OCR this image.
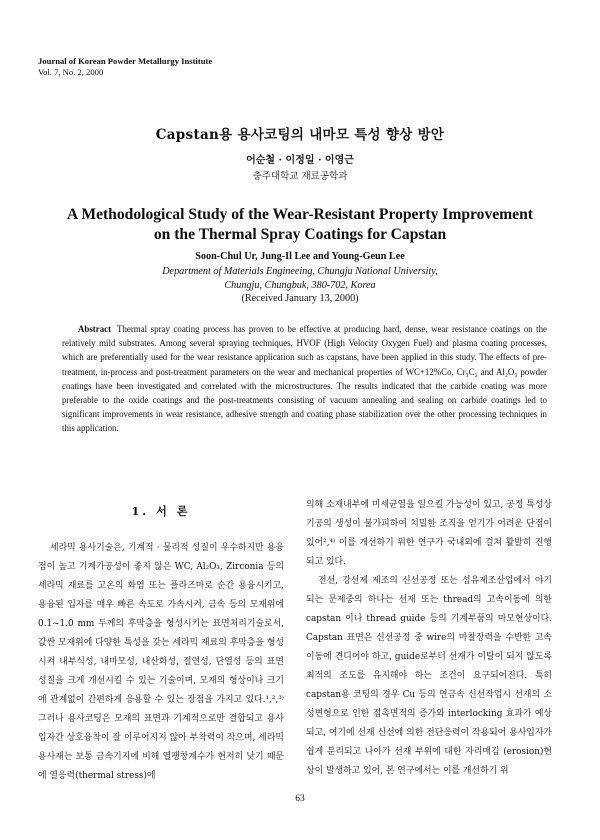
Journal of Korean Powder Metallurgy Institute
Vol. 7, No. 2, 2000
Capstan용 용사코팅의 내마모 특성 향상 방안
어순철 · 이정일 · 이영근
충주대학교 재료공학과
A Methodological Study of the Wear-Resistant Property Improvement
on the Thermal Spray Coatings for Capstan
Soon-Chul Ur, Jung-Il Lee and Young-Geun Lee
Department of Materials Engineeing, Chungju National University,
Chungju, Chungbuk, 380-702, Korea
(Received January 13, 2000)
Abstract Thermal spray coating process has proven to be effective at producing hard, dense, wear resistance coatings on the relatively mild substrates. Among several spraying techniques, HVOF (High Velocity Oxygen Fuel) and plasma coating processes, which are preferentially used for the wear resistance application such as capstans, have been applied in this study. The effects of pre-treatment, in-process and post-treatment parameters on the wear and mechanical properties of WC+12%Co, Cr₃C₂ and Al₂O₃ powder coatings have been investigated and correlated with the microstructures. The results indicated that the carbide coating was more preferable to the oxide coatings and the post-treatments consisting of vacuum annealing and sealing on carbide coatings led to significant improvements in wear resistance, adhesive strength and coating phase stabilization over the other processing techniques in this application.
1. 서 론

세라믹 용사기술은, 기계적 · 물리적 성질이 우수하지만 용융점이 높고 기계가공성이 좋지 않은 WC, Al₂O₃, Zirconia 등의 세라믹 재료를 고온의 화염 또는 플라즈마로 순간 용융시키고, 용융된 입자를 매우 빠른 속도로 가속시켜, 금속 등의 모재위에 0.1~1.0 mm 두께의 후막층을 형성시키는 표면처리기술로서, 값싼 모재위에 다양한 특성을 갖는 세라믹 재료의 후막층을 형성시켜 내부식성, 내마모성, 내산화성, 절연성, 단열성 등의 표면 성질을 크게 개선시킬 수 있는 기술이며, 모재의 형상이나 크기에 관계없이 간편하게 응용할 수 있는 장점을 가지고 있다.¹,²,³⁾ 그러나 용사코팅은 모재의 표면과 기계적으로만 결합되고 용사입자간 상호융착이 잘 이루어지지 않아 부착력이 작으며, 세라믹 용사재는 보통 금속기지에 비해 열팽창계수가 현저히 낮기 때문에 열응력(thermal stress)에

의해 소재내부에 미세균열을 일으킬 가능성이 있고, 공정 특성상 기공의 생성이 불가피하여 치밀한 조직을 얻기가 어려운 단점이 있어²,⁴⁾ 이를 개선하기 위한 연구가 국내외에 걸쳐 활발히 진행되고 있다.

전선, 강선제 제조의 신선공정 또는 섬유제조산업에서 야기되는 문제중의 하나는 선재 또는 thread의 고속이동에 의한 capstan 이나 thread guide 등의 기계부품의 마모현상이다. Capstan 표면은 신선공정 중 wire의 마찰장력을 수반한 고속이동에 견디어야 하고, guide로부터 선재가 이탈이 되지 않도록 최적의 조도를 유지해야 하는 조건이 요구되어진다. 특히 capstan용 코팅의 경우 Cu 등의 연금속 신선작업시 선재의 소성변형으로 인한 접촉면적의 증가와 interlocking 효과가 예상되고, 여기에 선재 신선에 의한 전단응력이 작용되어 용사입자가 쉽게 분리되고 나아가 선재 부위에 대한 자리매김 (erosion)현상이 발생하고 있어, 본 연구에서는 이를 개선하기 위

63
